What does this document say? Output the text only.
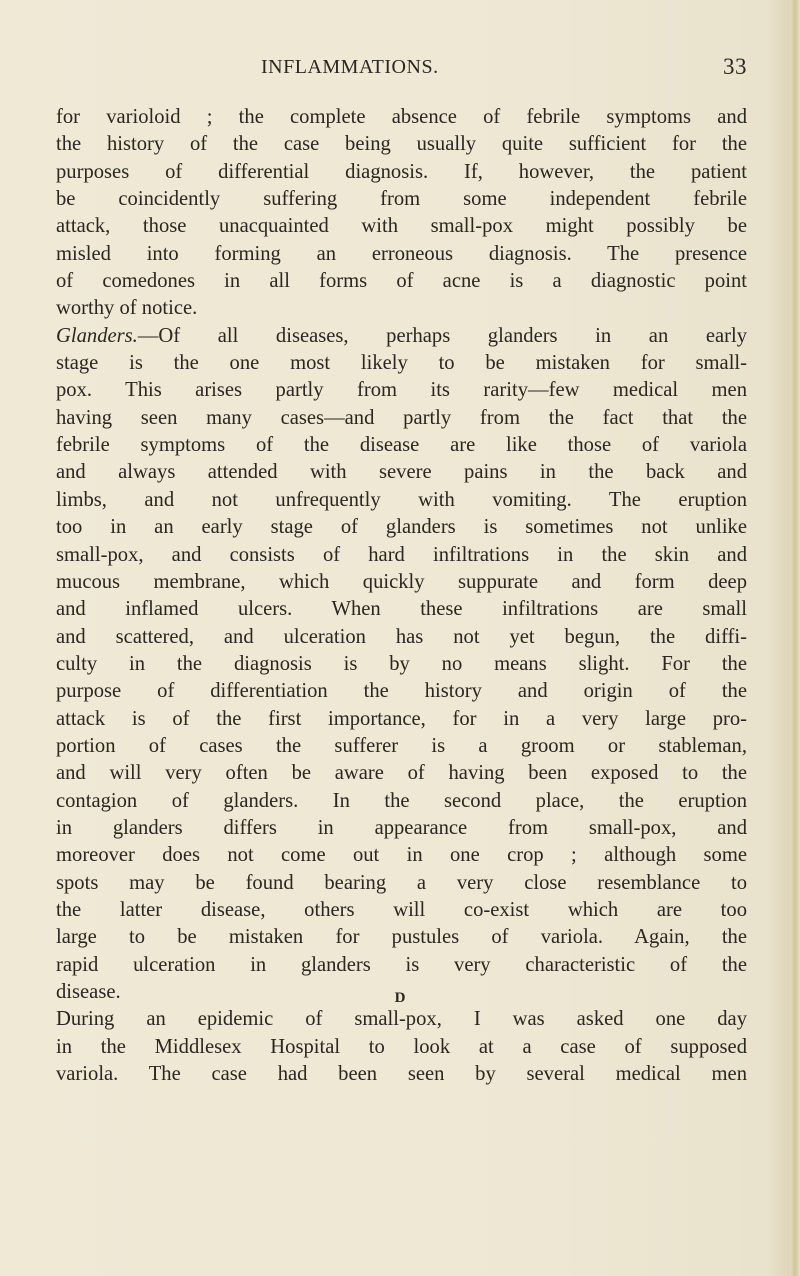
INFLAMMATIONS.	33
for varioloid ; the complete absence of febrile symptoms and
the history of the case being usually quite sufficient for the
purposes of differential diagnosis. If, however, the patient
be coincidently suffering from some independent febrile
attack, those unacquainted with small-pox might possibly be
misled into forming an erroneous diagnosis. The presence
of comedones in all forms of acne is a diagnostic point
worthy of notice.
Glanders.—Of all diseases, perhaps glanders in an early
stage is the one most likely to be mistaken for small-
pox. This arises partly from its rarity—few medical men
having seen many cases—and partly from the fact that the
febrile symptoms of the disease are like those of variola
and always attended with severe pains in the back and
limbs, and not unfrequently with vomiting. The eruption
too in an early stage of glanders is sometimes not unlike
small-pox, and consists of hard infiltrations in the skin and
mucous membrane, which quickly suppurate and form deep
and inflamed ulcers. When these infiltrations are small
and scattered, and ulceration has not yet begun, the diffi-
culty in the diagnosis is by no means slight. For the
purpose of differentiation the history and origin of the
attack is of the first importance, for in a very large pro-
portion of cases the sufferer is a groom or stableman,
and will very often be aware of having been exposed to the
contagion of glanders. In the second place, the eruption
in glanders differs in appearance from small-pox, and
moreover does not come out in one crop ; although some
spots may be found bearing a very close resemblance to
the latter disease, others will co-exist which are too
large to be mistaken for pustules of variola. Again, the
rapid ulceration in glanders is very characteristic of the
disease.
During an epidemic of small-pox, I was asked one day
in the Middlesex Hospital to look at a case of supposed
variola. The case had been seen by several medical men
D
